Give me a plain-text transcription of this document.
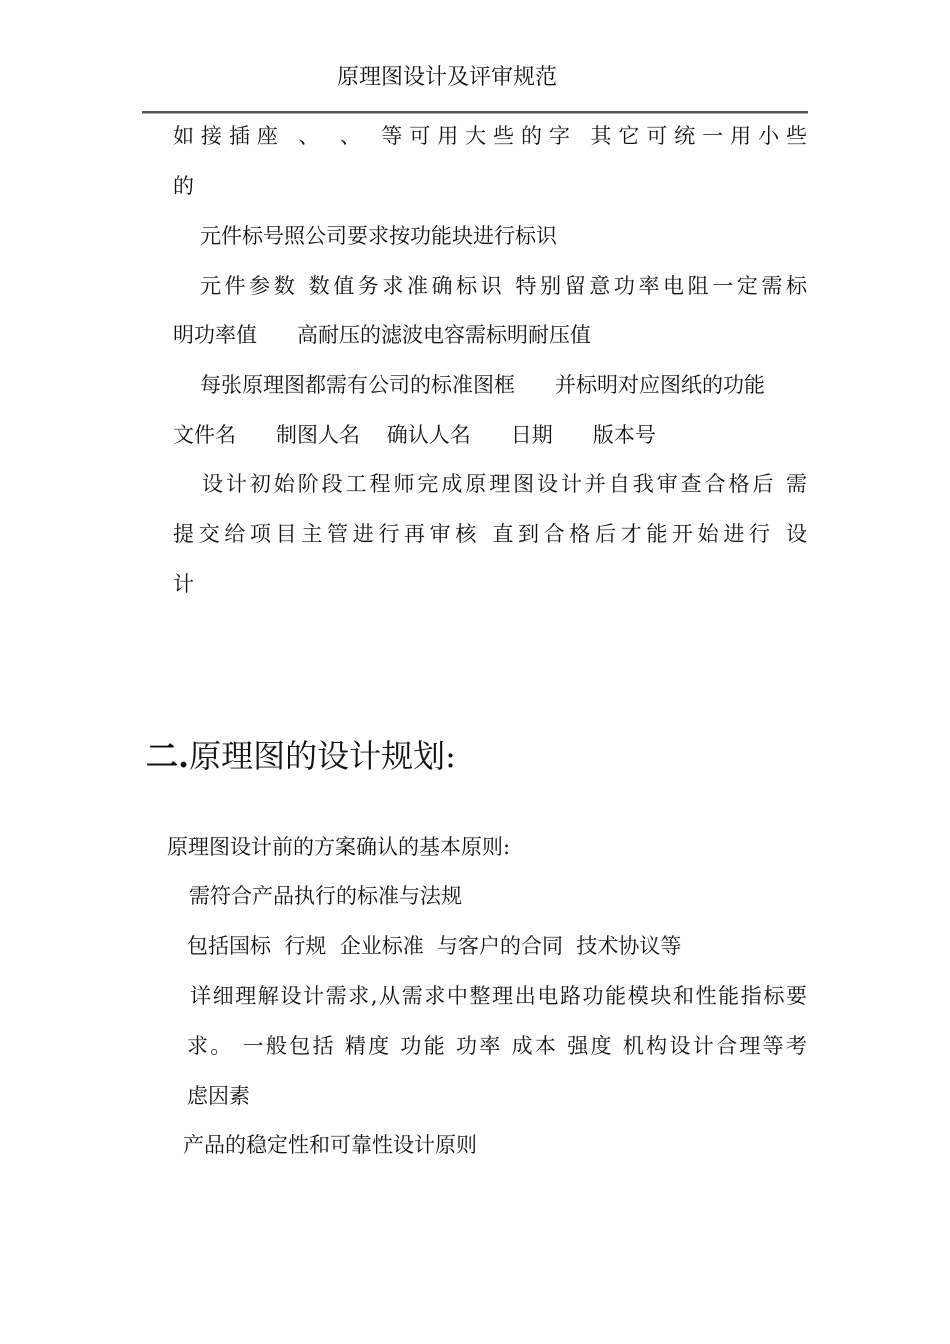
原理图设计及评审规范
如接插座 、 、 等可用大些的字 其它可统一用小些
的
元件标号照公司要求按功能块进行标识
元件参数 数值务求准确标识 特别留意功率电阻一定需标
明功率值      高耐压的滤波电容需标明耐压值
每张原理图都需有公司的标准图框      并标明对应图纸的功能
文件名      制图人名    确认人名      日期      版本号
设计初始阶段工程师完成原理图设计并自我审查合格后 需
提交给项目主管进行再审核 直到合格后才能开始进行 设
计
二.原理图的设计规划:
原理图设计前的方案确认的基本原则:
需符合产品执行的标准与法规
包括国标  行规  企业标准  与客户的合同  技术协议等
详细理解设计需求,从需求中整理出电路功能模块和性能指标要
求。 一般包括 精度 功能 功率 成本 强度 机构设计合理等考
虑因素
产品的稳定性和可靠性设计原则
